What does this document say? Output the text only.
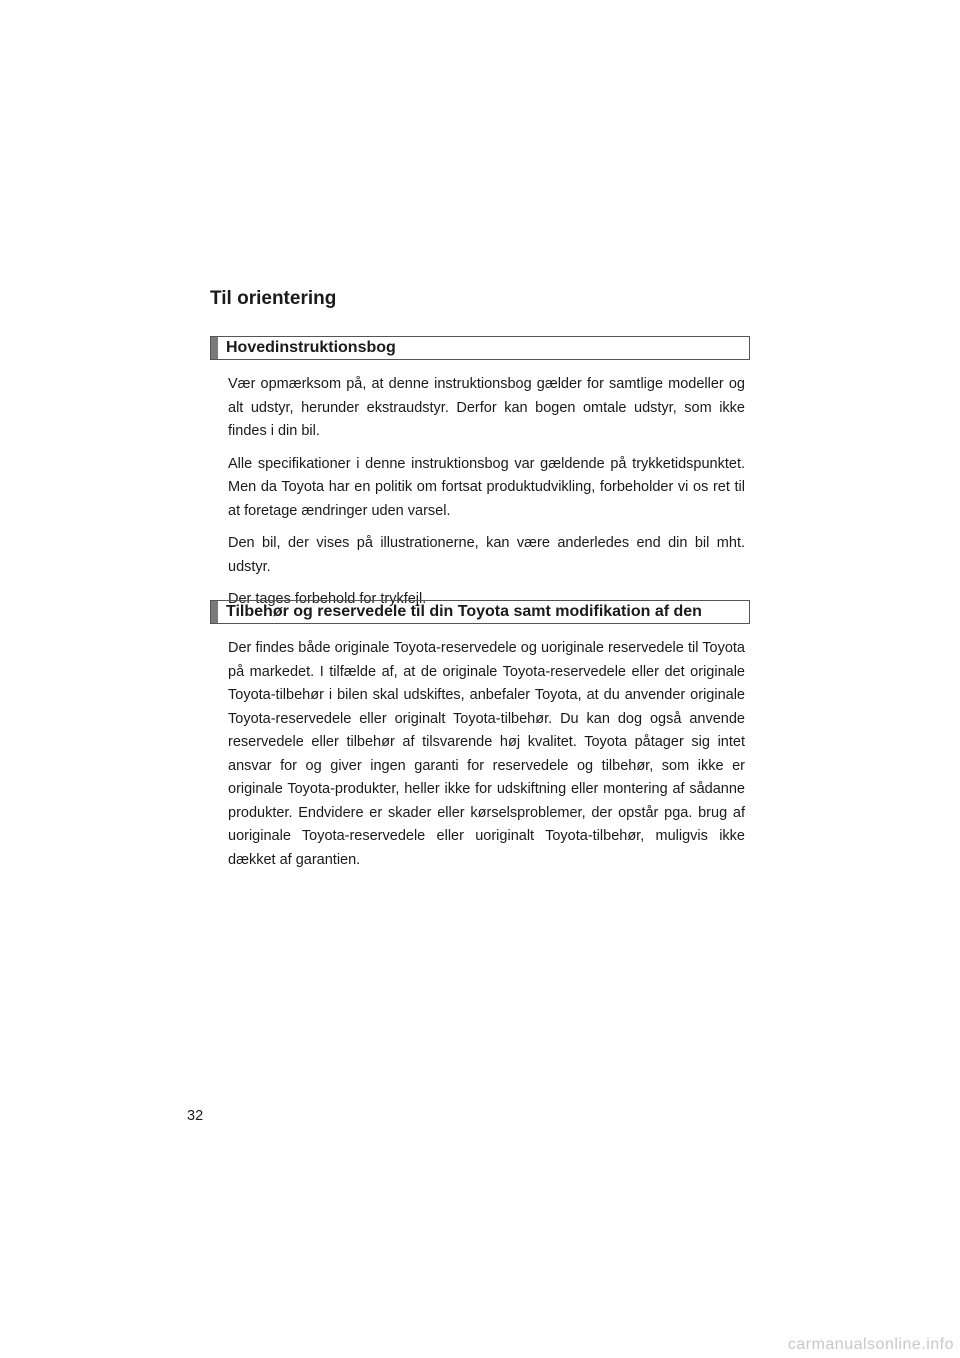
Til orientering
Hovedinstruktionsbog

Vær opmærksom på, at denne instruktionsbog gælder for samtlige modeller og alt udstyr, herunder ekstraudstyr. Derfor kan bogen omtale udstyr, som ikke findes i din bil.

Alle specifikationer i denne instruktionsbog var gældende på trykketidspunktet. Men da Toyota har en politik om fortsat produktudvikling, forbeholder vi os ret til at foretage ændringer uden varsel.

Den bil, der vises på illustrationerne, kan være anderledes end din bil mht. udstyr.

Der tages forbehold for trykfejl.

Tilbehør og reservedele til din Toyota samt modifikation af den

Der findes både originale Toyota-reservedele og uoriginale reservedele til Toyota på markedet. I tilfælde af, at de originale Toyota-reservedele eller det originale Toyota-tilbehør i bilen skal udskiftes, anbefaler Toyota, at du anvender originale Toyota-reservedele eller originalt Toyota-tilbehør. Du kan dog også anvende reservedele eller tilbehør af tilsvarende høj kvalitet. Toyota påtager sig intet ansvar for og giver ingen garanti for reservedele og tilbehør, som ikke er originale Toyota-produkter, heller ikke for udskiftning eller montering af sådanne produkter. Endvidere er skader eller kørselsproblemer, der opstår pga. brug af uoriginale Toyota-reservedele eller uoriginalt Toyota-tilbehør, muligvis ikke dækket af garantien.

32
carmanualsonline.info
